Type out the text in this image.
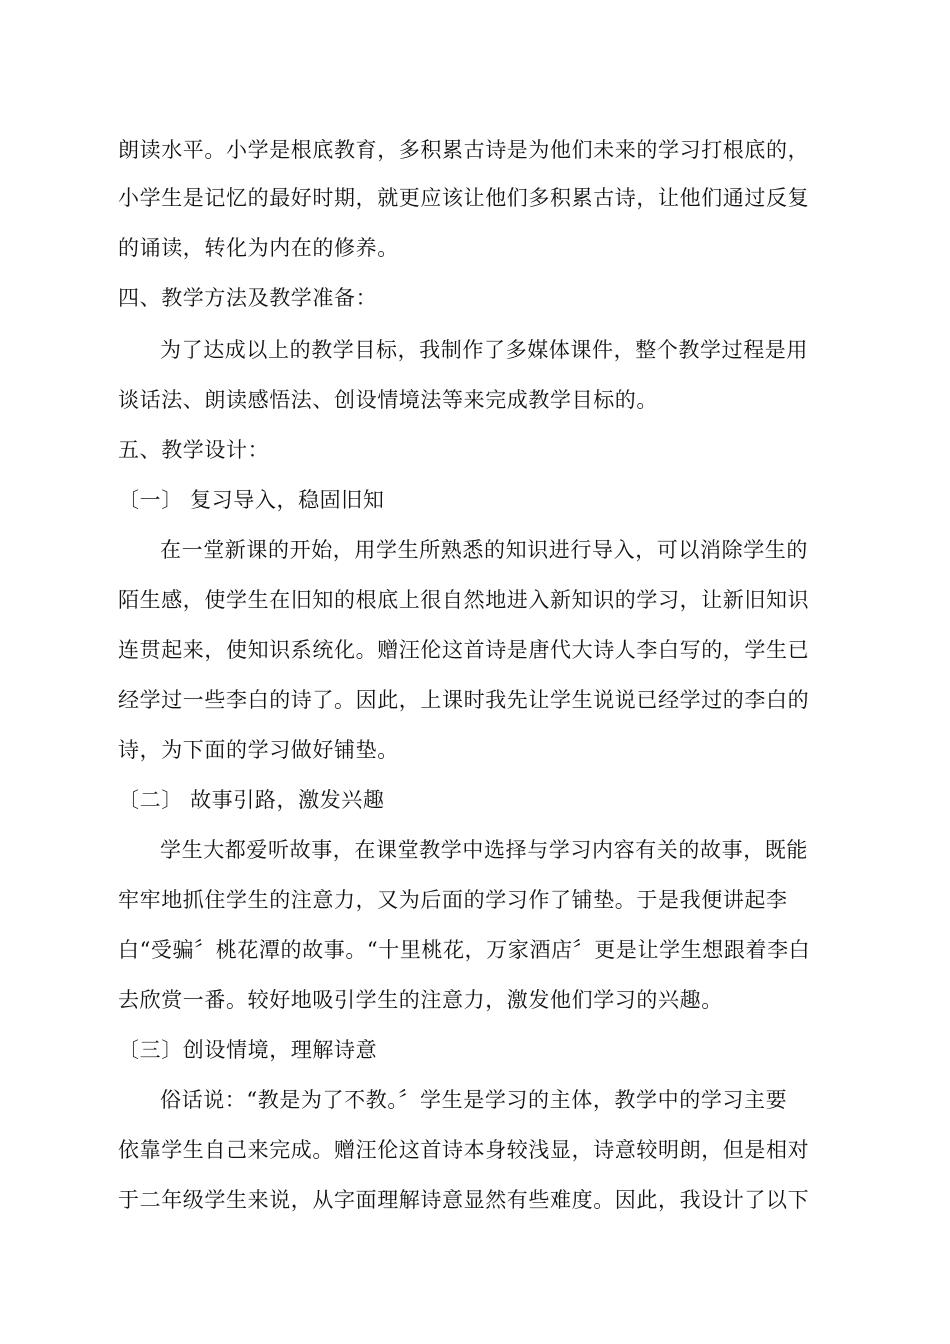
朗读水平。小学是根底教育，多积累古诗是为他们未来的学习打根底的，
小学生是记忆的最好时期，就更应该让他们多积累古诗，让他们通过反复
的诵读，转化为内在的修养。
四、教学方法及教学准备：
为了达成以上的教学目标，我制作了多媒体课件，整个教学过程是用
谈话法、朗读感悟法、创设情境法等来完成教学目标的。
五、教学设计：
〔一〕 复习导入，稳固旧知
在一堂新课的开始，用学生所熟悉的知识进行导入，可以消除学生的
陌生感，使学生在旧知的根底上很自然地进入新知识的学习，让新旧知识
连贯起来，使知识系统化。赠汪伦这首诗是唐代大诗人李白写的，学生已
经学过一些李白的诗了。因此，上课时我先让学生说说已经学过的李白的
诗，为下面的学习做好铺垫。
〔二〕 故事引路，激发兴趣
学生大都爱听故事，在课堂教学中选择与学习内容有关的故事，既能
牢牢地抓住学生的注意力，又为后面的学习作了铺垫。于是我便讲起李
白“受骗〞桃花潭的故事。“十里桃花，万家酒店〞更是让学生想跟着李白
去欣赏一番。较好地吸引学生的注意力，激发他们学习的兴趣。
〔三〕创设情境，理解诗意
俗话说：“教是为了不教。〞学生是学习的主体，教学中的学习主要
依靠学生自己来完成。赠汪伦这首诗本身较浅显，诗意较明朗，但是相对
于二年级学生来说，从字面理解诗意显然有些难度。因此，我设计了以下
